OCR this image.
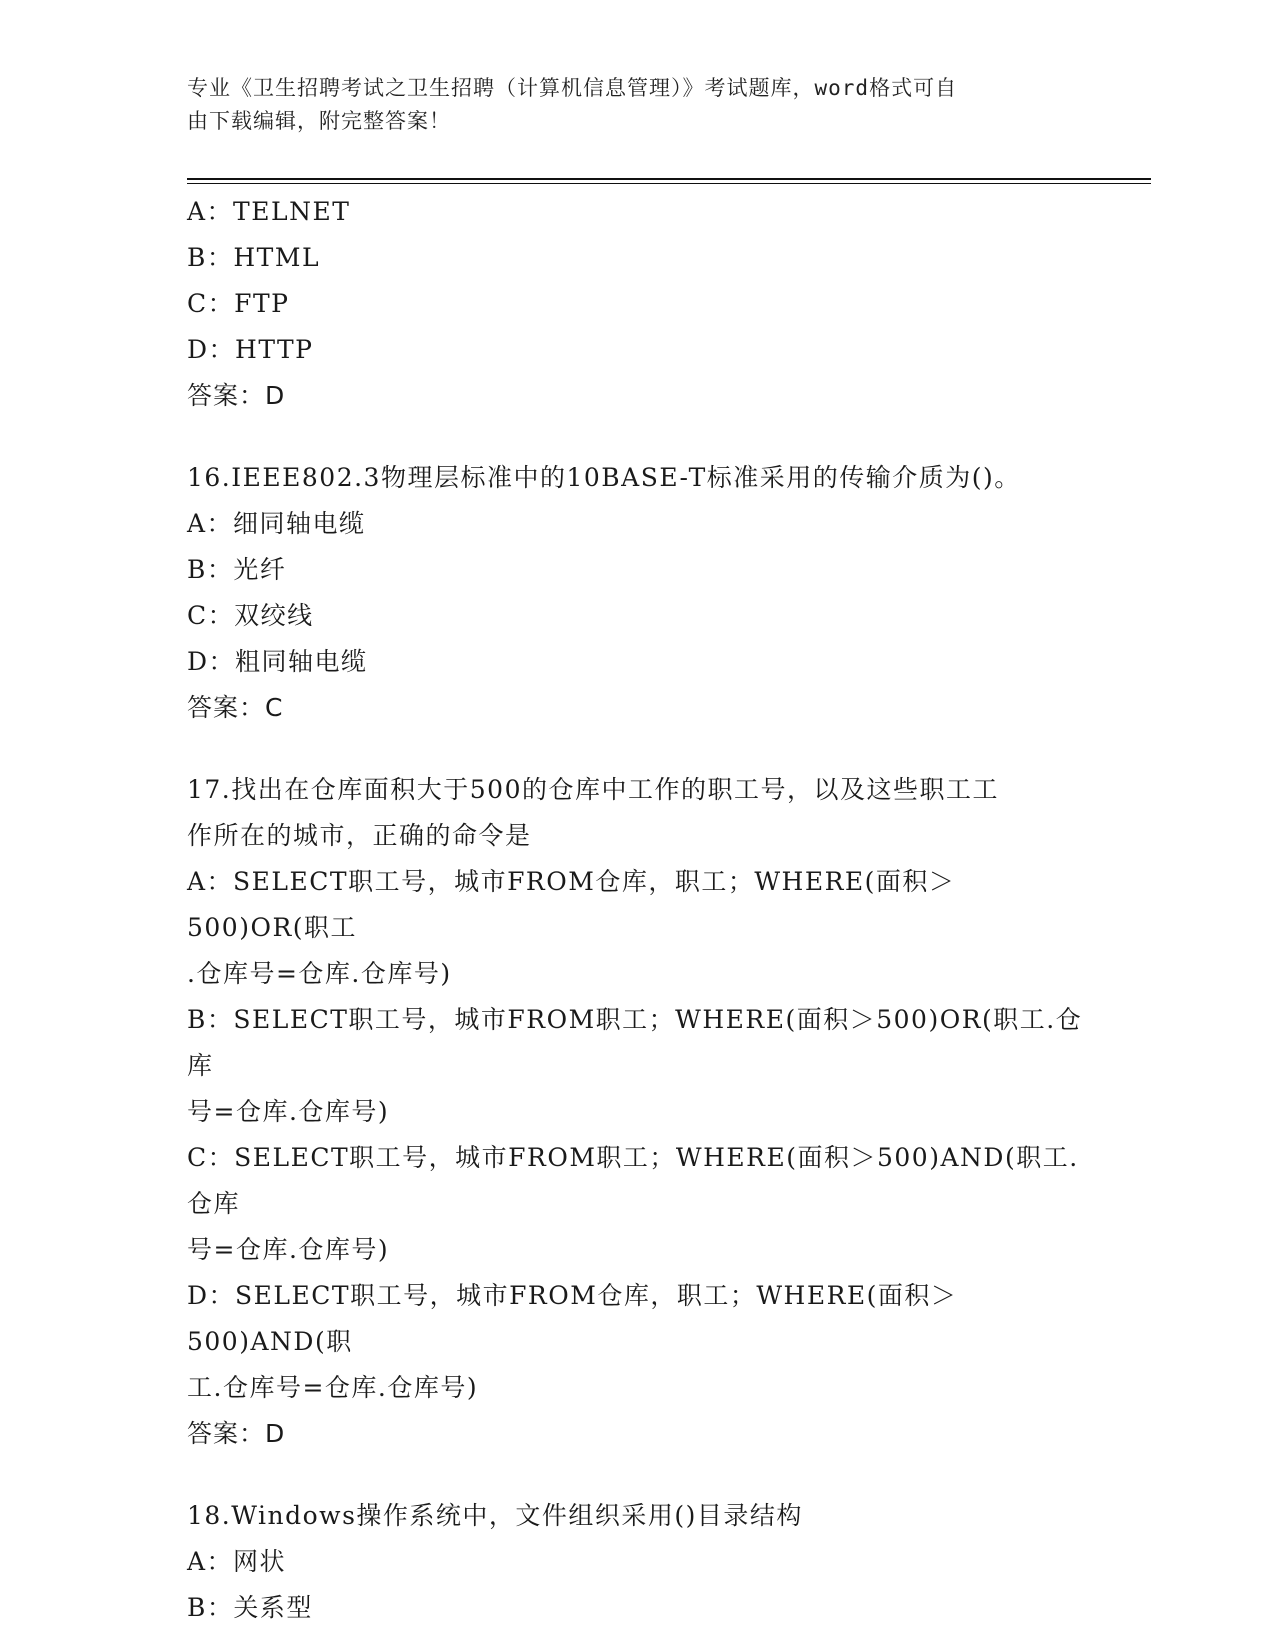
专业《卫生招聘考试之卫生招聘（计算机信息管理）》考试题库，word格式可自
由下载编辑，附完整答案！

A：TELNET

B：HTML

C：FTP

D：HTTP

答案：D

16.IEEE802.3物理层标准中的10BASE-T标准采用的传输介质为()。

A：细同轴电缆

B：光纤

C：双绞线

D：粗同轴电缆

答案：C

17.找出在仓库面积大于500的仓库中工作的职工号，以及这些职工工

作所在的城市，正确的命令是

A：SELECT职工号，城市FROM仓库，职工；WHERE(面积＞500)OR(职工

.仓库号=仓库.仓库号)

B：SELECT职工号，城市FROM职工；WHERE(面积＞500)OR(职工.仓库

号=仓库.仓库号)

C：SELECT职工号，城市FROM职工；WHERE(面积＞500)AND(职工.仓库

号=仓库.仓库号)

D：SELECT职工号，城市FROM仓库，职工；WHERE(面积＞500)AND(职

工.仓库号=仓库.仓库号)

答案：D

18.Windows操作系统中，文件组织采用()目录结构

A：网状

B：关系型
